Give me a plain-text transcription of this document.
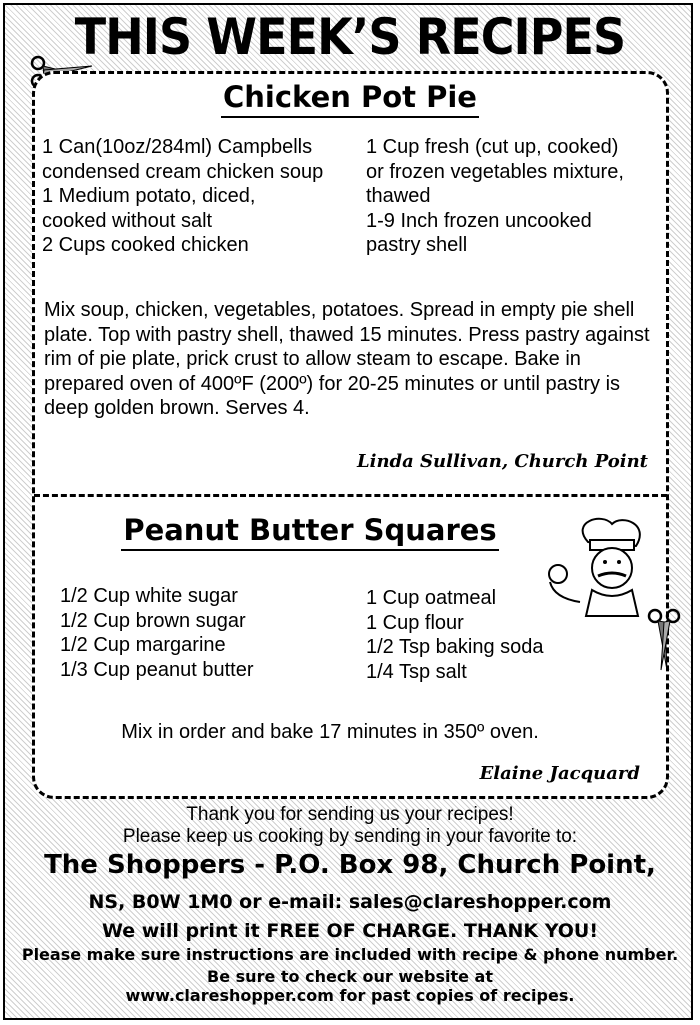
THIS WEEK’S RECIPES
Chicken Pot Pie
1 Can(10oz/284ml) Campbells
condensed cream chicken soup
1 Medium potato, diced,
cooked without salt
2 Cups cooked chicken
1 Cup fresh (cut up, cooked)
or frozen vegetables mixture,
thawed
1-9 Inch frozen uncooked
pastry shell
Mix soup, chicken, vegetables, potatoes. Spread in empty pie shell plate. Top with pastry shell, thawed 15 minutes. Press pastry against rim of pie plate, prick crust to allow steam to escape. Bake in prepared oven of 400ºF (200º) for 20-25 minutes or until pastry is deep golden brown. Serves 4.
Linda Sullivan, Church Point
Peanut Butter Squares
1/2 Cup white sugar
1/2 Cup brown sugar
1/2 Cup margarine
1/3 Cup peanut butter
1 Cup oatmeal
1 Cup flour
1/2 Tsp baking soda
1/4 Tsp salt
Mix in order and bake 17 minutes in 350º oven.
Elaine Jacquard
Thank you for sending us your recipes!
Please keep us cooking by sending in your favorite to:
The Shoppers - P.O. Box 98, Church Point,
NS, B0W 1M0 or e-mail: sales@clareshopper.com
We will print it FREE OF CHARGE. THANK YOU!
Please make sure instructions are included with recipe & phone number.
Be sure to check our website at
www.clareshopper.com for past copies of recipes.
